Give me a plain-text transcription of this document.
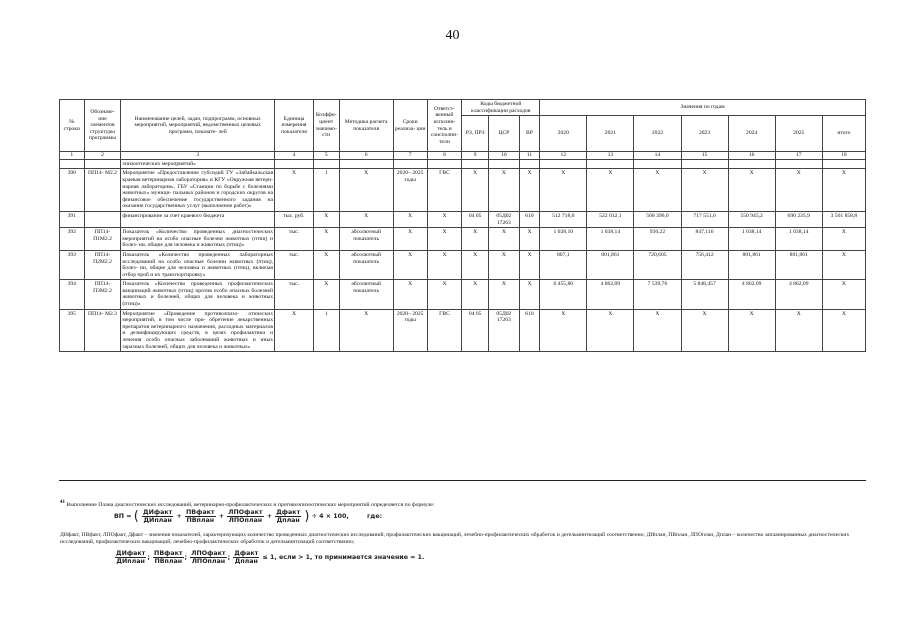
40
№ строки	Обозначе- ние элементов структуры программы	Наименование целей, задач, подпрограмм, основных мероприятий, мероприятий, ведомственных целевых программ, показате- лей	Единица измерения показателя	Коэффи- циент значимо- сти	Методика расчета показателя	Сроки реализа- ции	Ответст- венный исполни- тель и соисполни- тели	Коды бюджетной классификации расходов			Значения по годам						
								РЗ, ПРЗ	ЦСР	ВР	2020	2021	2022	2023	2024	2025	итого
1	2	3	4	5	6	7	8	9	10	11	12	13	14	15	16	17	18
		эпизоотических мероприятий»															
390	ПП14- М2.2	Мероприятие «Предоставление субсидий ГУ «Забайкальская краевая ветеринарная лаборатория» и КГУ «Окружная ветери- нарная лаборатория», ГБУ «Станции по борьбе с болезнями животных» муници- пальных районов и городских округов на финансовое обеспечение государственного задания на оказание государственных услуг (выполнение работ)»	Х	1	Х	2020– 2025 годы	ГВС	Х	Х	Х	Х	Х	Х	Х	Х	Х	Х
391		финансирование за счет краевого бюджета	тыс. руб.	Х	Х	Х	Х	04 05	05Д02 17263	610	512 718,0	522 012,1	568 396,0	717 551,6	550 945,2	690 235,9	3 561 858,8
392	ПП14- П1М2.2	Показатель «Количество проведенных диагностических мероприятий на особо опасные болезни животных (птиц) и болез- ни, общие для человека и животных (птиц)»	тыс.	Х	абсолютный показатель	Х	Х	Х	Х	Х	1 028,10	1 038,14	936,22	847,116	1 038,14	1 038,14	Х
393	ПП14- П2М2.2	Показатель «Количество проведенных лабораторных исследований на особо опасные болезни животных (птиц), болез- ни, общие для человека и животных (птиц), включая отбор проб и их транспортировку»	тыс.	Х	абсолютный показатель	Х	Х	Х	Х	Х	807,1	801,861	720,605	756,412	801,861	801,861	Х
394	ПП14- П3М2.2	Показатель «Количество проведенных профилактических вакцинаций животных (птиц) против особо опасных болезней животных и болезней, общих для человека и животных (птиц)»	тыс.	Х	абсолютный показатель	Х	Х	Х	Х	Х	6 455,80	4 862,09	7 539,76	5 848,457	4 862,09	4 862,09	Х
395	ПП14- М2.3	Мероприятие «Проведение противоэпизо- отических мероприятий, в том числе при- обретение лекарственных препаратов ветеринарного назначения, расходных материалов и дезинфицирующих средств, в целях профилактики и лечения особо опасных заболеваний животных и иных заразных болезней, общих для человека и животных»	Х	1	Х	2020– 2025 годы	ГВС	04 05	05Д02 17263	610	Х	Х	Х	Х	Х	Х	Х

41 Выполнение Плана диагностических исследований, ветеринарно-профилактических и противоэпизоотических мероприятий определяется по формуле:

ВП = ( $\frac{\text{ДИфакт}}{\text{ДИплан}} + \frac{\text{ПВфакт}}{\text{ПВплан}} + \frac{\text{ЛПОфакт}}{\text{ЛПОплан}} + \frac{\text{Дфакт}}{\text{Дплан}}$ ) ÷ 4 × 100,	где:
ДИфакт, ПВфакт, ЛПОфакт, Дфакт – значения показателей, характеризующих количество проведенных диагностических исследований, профилактических вакцинаций, лечебно-профилактических обработок и дегельминтизаций соответственно; ДИплан, ПВплан, ЛПОплан, Дплан – количество запланированных диагностических исследований, профилактических вакцинаций, лечебно-профилактических обработок и дегельминтизаций соответственно;
$\frac{\text{ДИфакт}}{\text{ДИплан}}$ ; $\frac{\text{ПВфакт}}{\text{ПВплан}}$ ; $\frac{\text{ЛПОфакт}}{\text{ЛПОплан}}$ ; $\frac{\text{Дфакт}}{\text{Дплан}} \le 1$, если > 1, то принимается значение = 1.
